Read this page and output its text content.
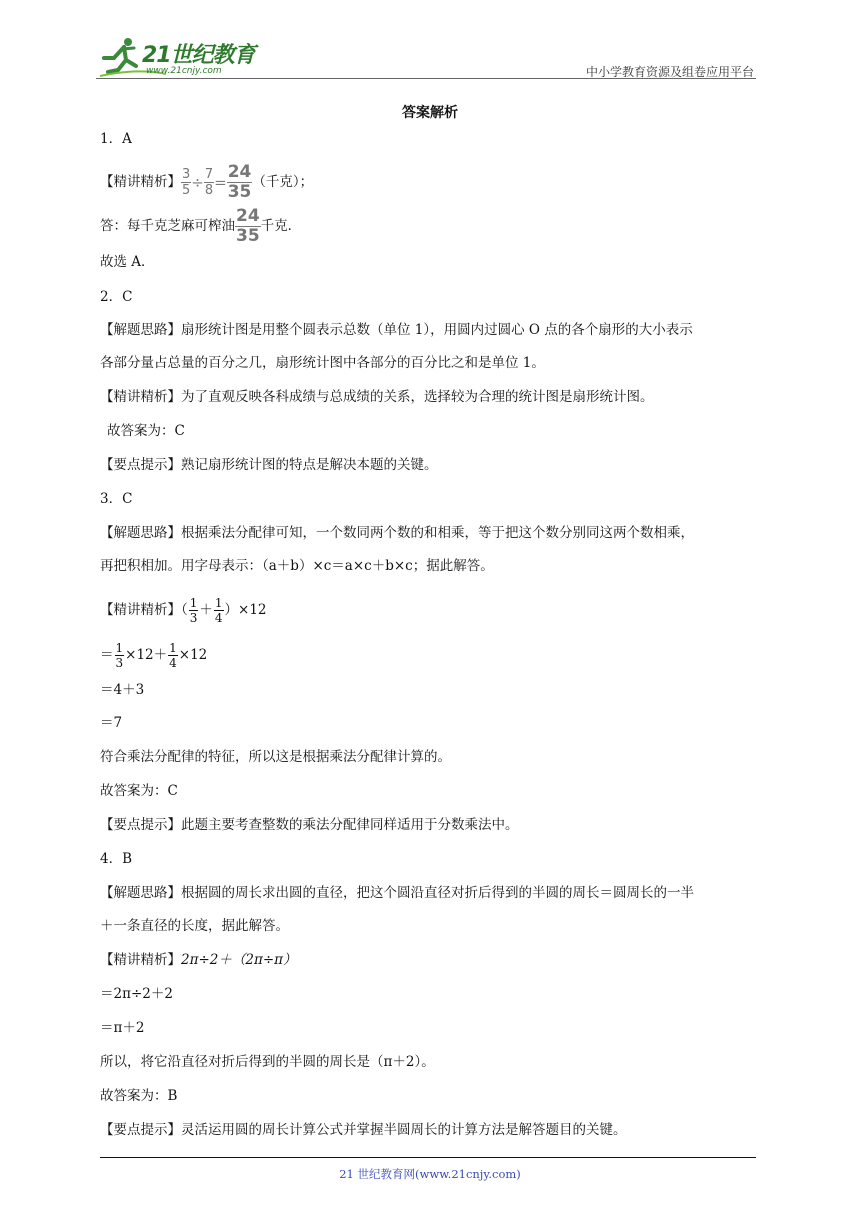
21世纪教育
www.21cnjy.com	中小学教育资源及组卷应用平台
答案解析
1．A
【精讲精析】 $\frac{3}{5} \div \frac{7}{8} = \frac{24}{35}$ （千克）；
答：每千克芝麻可榨油 $\frac{24}{35}$ 千克．
故选 A．
2．C
【解题思路】扇形统计图是用整个圆表示总数（单位 1），用圆内过圆心 O 点的各个扇形的大小表示
各部分量占总量的百分之几，扇形统计图中各部分的百分比之和是单位 1。
【精讲精析】为了直观反映各科成绩与总成绩的关系，选择较为合理的统计图是扇形统计图。
故答案为：C
【要点提示】熟记扇形统计图的特点是解决本题的关键。
3．C
【解题思路】根据乘法分配律可知，一个数同两个数的和相乘，等于把这个数分别同这两个数相乘，
再把积相加。用字母表示：（a＋b）×c＝a×c＋b×c；据此解答。
【精讲精析】（ $\frac{1}{3} + \frac{1}{4} )\times 12$
＝ $\frac{1}{3} \times 12+ \frac{1}{4} \times 12$
＝4＋3
＝7
符合乘法分配律的特征，所以这是根据乘法分配律计算的。
故答案为：C
【要点提示】此题主要考查整数的乘法分配律同样适用于分数乘法中。
4．B
【解题思路】根据圆的周长求出圆的直径，把这个圆沿直径对折后得到的半圆的周长＝圆周长的一半
＋一条直径的长度，据此解答。
【精讲精析】2π÷2＋（2π÷π）
＝2π÷2＋2
＝π＋2
所以，将它沿直径对折后得到的半圆的周长是（π＋2）。
故答案为：B
【要点提示】灵活运用圆的周长计算公式并掌握半圆周长的计算方法是解答题目的关键。
21 世纪教育网(www.21cnjy.com)
